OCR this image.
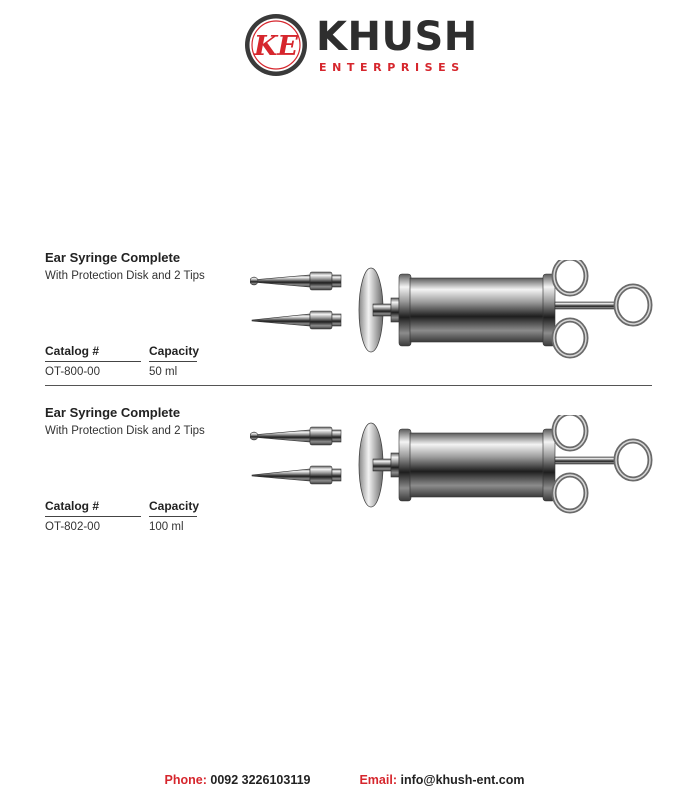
KE KHUSH
ENTERPRISES
Ear Syringe Complete
With Protection Disk and 2 Tips
Catalog #	Capacity
OT-800-00	50 ml
Ear Syringe Complete
With Protection Disk and 2 Tips
Catalog #	Capacity
OT-802-00	100 ml
Phone: 0092 3226103119	Email: info@khush-ent.com
